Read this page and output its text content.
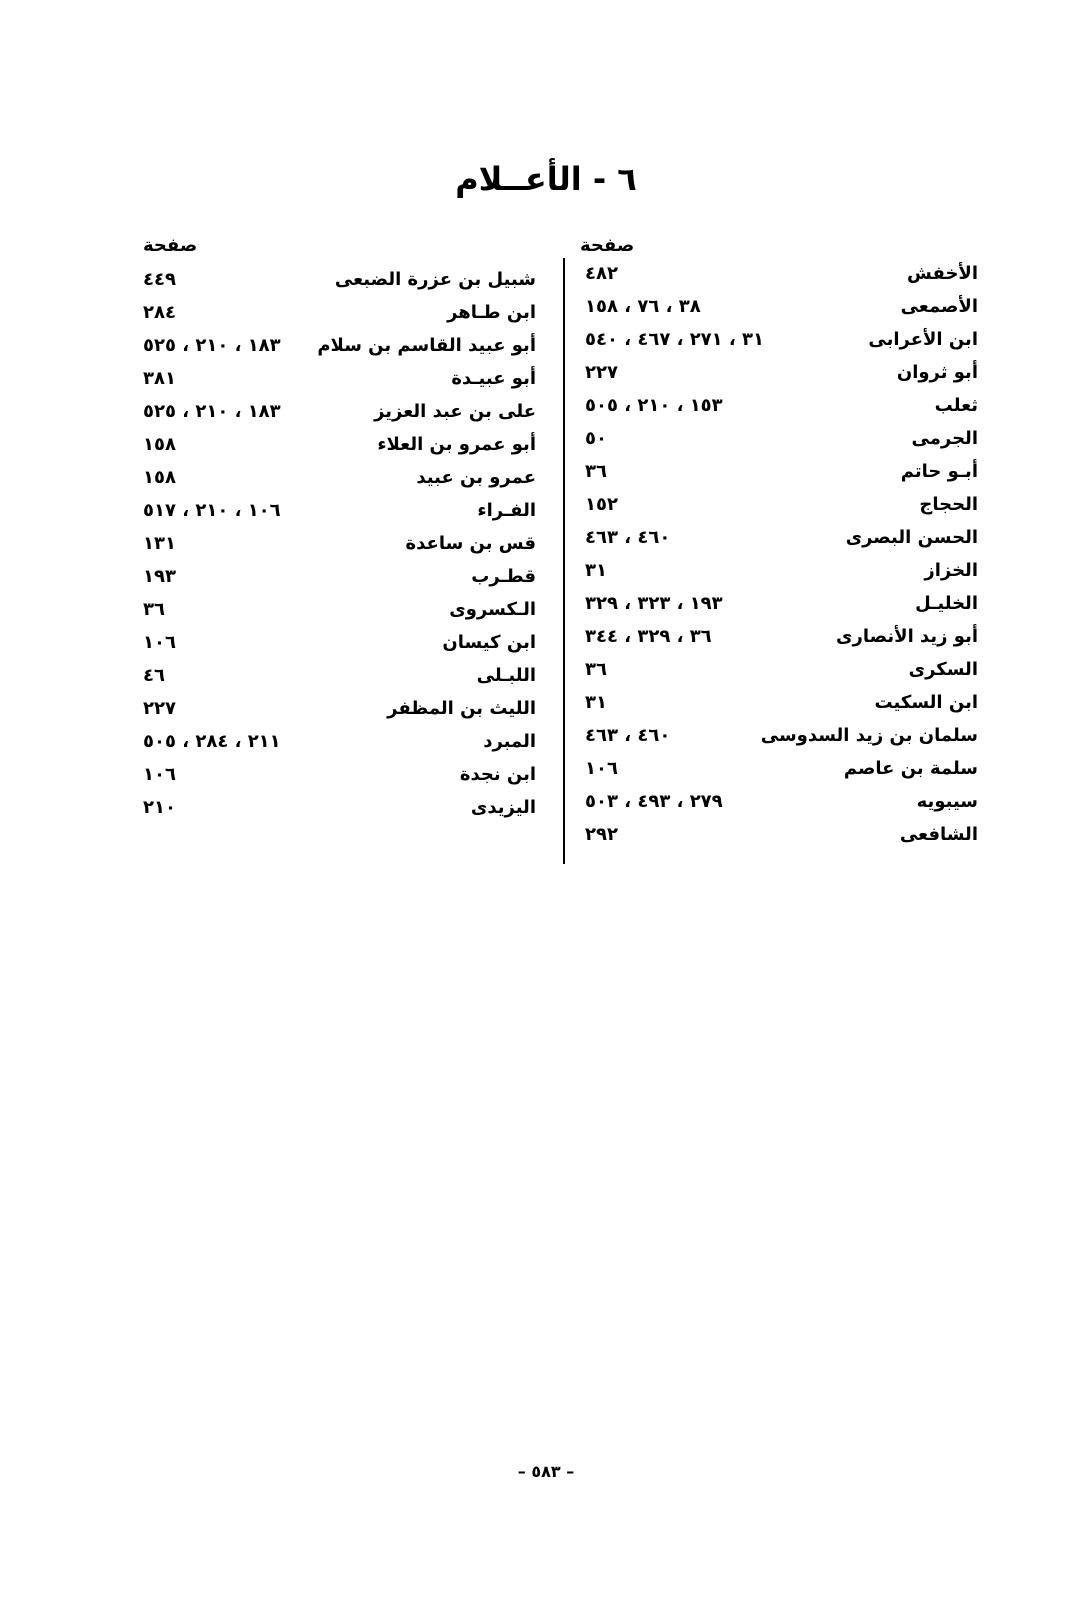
٦ - الأعــلام
صفحة
صفحة
الأخفش
٤٨٢
الأصمعى
٣٨ ، ٧٦ ، ١٥٨
ابن الأعرابى
٣١ ، ٢٧١ ، ٤٦٧ ، ٥٤٠
أبو ثروان
٢٢٧
ثعلب
١٥٣ ، ٢١٠ ، ٥٠٥
الجرمى
٥٠
أبـو حاتم
٣٦
الحجاج
١٥٢
الحسن البصرى
٤٦٠ ، ٤٦٣
الخزاز
٣١
الخليـل
١٩٣ ، ٣٢٣ ، ٣٢٩
أبو زيد الأنصارى
٣٦ ، ٣٢٩ ، ٣٤٤
السكرى
٣٦
ابن السكيت
٣١
سلمان بن زيد السدوسى
٤٦٠ ، ٤٦٣
سلمة بن عاصم
١٠٦
سيبويه
٢٧٩ ، ٤٩٣ ، ٥٠٣
الشافعى
٢٩٢
شبيل بن عزرة الضبعى
٤٤٩
ابن طـاهر
٢٨٤
أبو عبيد القاسم بن سلام
١٨٣ ، ٢١٠ ، ٥٢٥
أبو عبيـدة
٣٨١
على بن عبد العزيز
١٨٣ ، ٢١٠ ، ٥٢٥
أبو عمرو بن العلاء
١٥٨
عمرو بن عبيد
١٥٨
الفـراء
١٠٦ ، ٢١٠ ، ٥١٧
قس بن ساعدة
١٣١
قطـرب
١٩٣
الـكسروى
٣٦
ابن كيسان
١٠٦
اللبـلى
٤٦
الليث بن المظفر
٢٢٧
المبرد
٢١١ ، ٢٨٤ ، ٥٠٥
ابن نجدة
١٠٦
اليزيدى
٢١٠
– ٥٨٣ –
